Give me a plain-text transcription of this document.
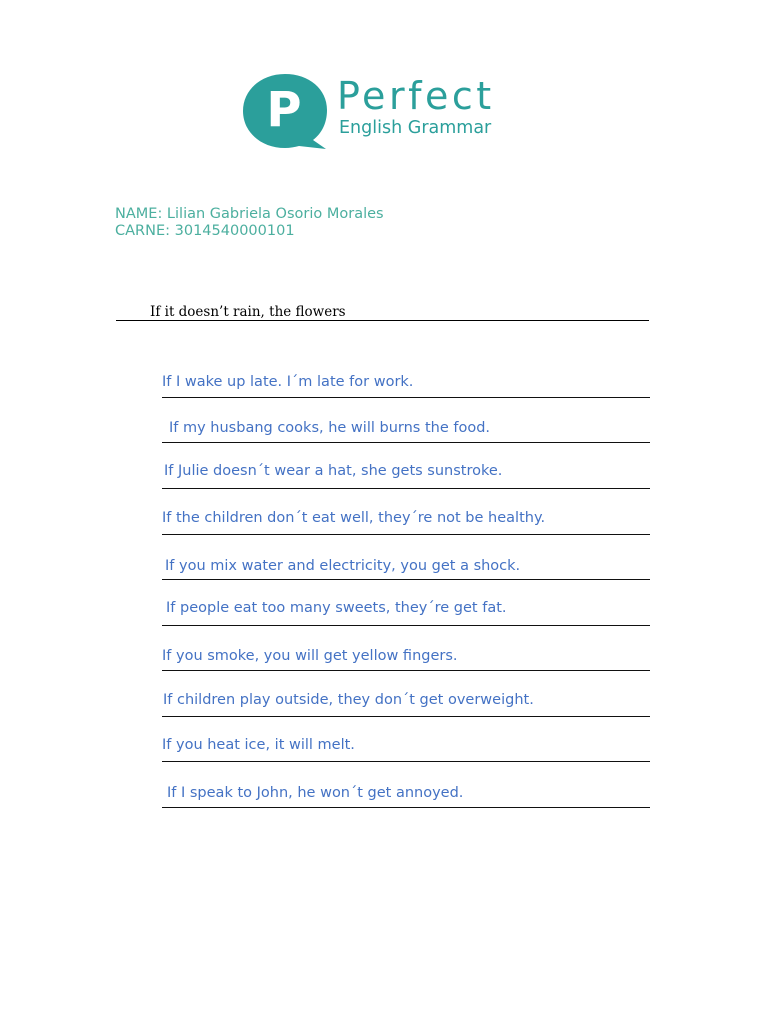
P Perfect
English Grammar
NAME: Lilian Gabriela Osorio Morales
CARNE: 3014540000101
If it doesn’t rain, the flowers
If I wake up late. I´m late for work.
If my husbang cooks, he will burns the food.
If Julie doesn´t wear a hat, she gets sunstroke.
If the children don´t eat well, they´re not be healthy.
If you mix water and electricity, you get a shock.
If people eat too many sweets, they´re get fat.
If you smoke, you will get yellow fingers.
If children play outside, they don´t get overweight.
If you heat ice, it will melt.
If I speak to John, he won´t get annoyed.
